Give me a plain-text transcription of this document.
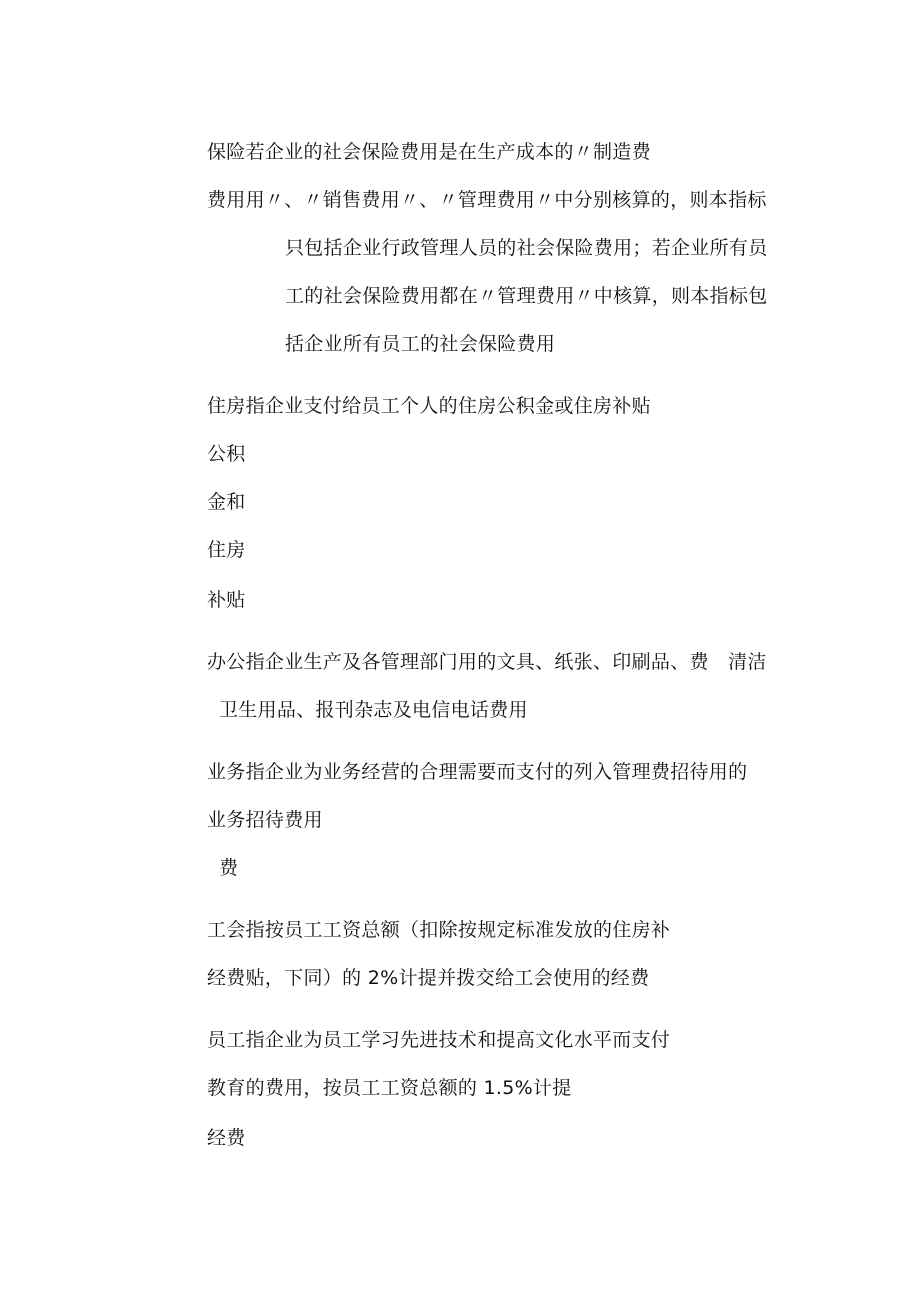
保险若企业的社会保险费用是在生产成本的〃制造费
费用用〃、〃销售费用〃、〃管理费用〃中分别核算的，则本指标
只包括企业行政管理人员的社会保险费用；若企业所有员
工的社会保险费用都在〃管理费用〃中核算，则本指标包
括企业所有员工的社会保险费用
住房指企业支付给员工个人的住房公积金或住房补贴
公积
金和
住房
补贴
办公指企业生产及各管理部门用的文具、纸张、印刷品、费　清洁
卫生用品、报刊杂志及电信电话费用
业务指企业为业务经营的合理需要而支付的列入管理费招待用的
业务招待费用
费
工会指按员工工资总额（扣除按规定标准发放的住房补
经费贴，下同）的 2%计提并拨交给工会使用的经费
员工指企业为员工学习先进技术和提高文化水平而支付
教育的费用，按员工工资总额的 1.5%计提
经费
